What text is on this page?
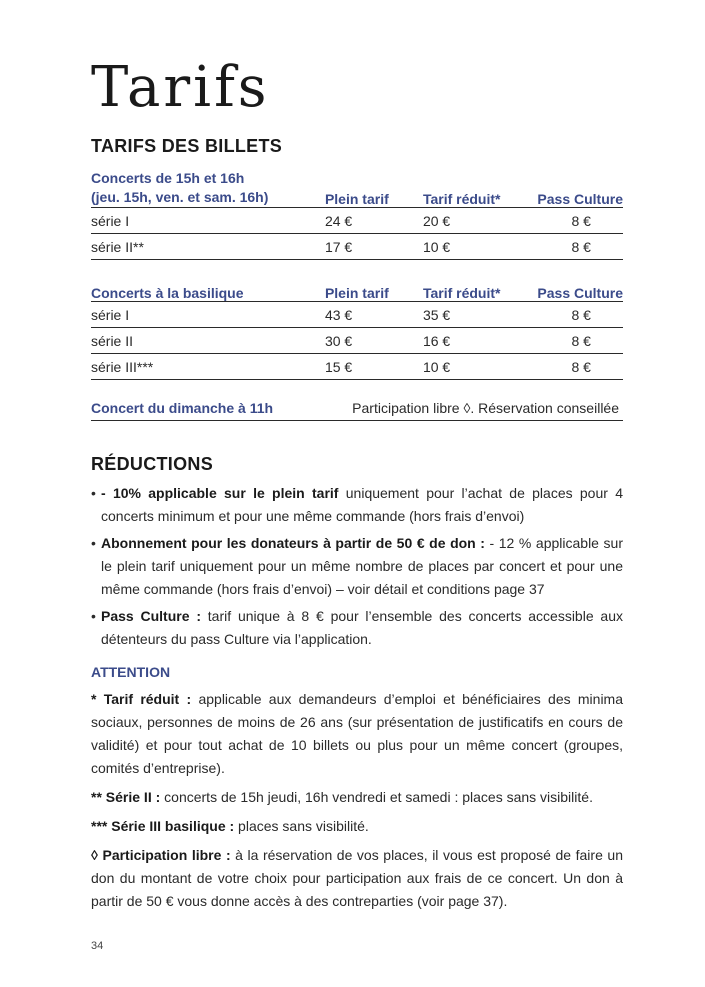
Tarifs
TARIFS DES BILLETS
Concerts de 15h et 16h
(jeu. 15h, ven. et sam. 16h)	Plein tarif	Tarif réduit*	Pass Culture
série I	24 €	20 €	8 €
série II**	17 €	10 €	8 €
Concerts à la basilique	Plein tarif	Tarif réduit*	Pass Culture
série I	43 €	35 €	8 €
série II	30 €	16 €	8 €
série III***	15 €	10 €	8 €
Concert du dimanche à 11h	Participation libre ◊. Réservation conseillée
RÉDUCTIONS
• - 10% applicable sur le plein tarif uniquement pour l’achat de places pour 4 concerts minimum et pour une même commande (hors frais d’envoi)
• Abonnement pour les donateurs à partir de 50 € de don : - 12 % applicable sur le plein tarif uniquement pour un même nombre de places par concert et pour une même commande (hors frais d’envoi) – voir détail et conditions page 37
• Pass Culture : tarif unique à 8 € pour l’ensemble des concerts accessible aux détenteurs du pass Culture via l’application.
ATTENTION

* Tarif réduit : applicable aux demandeurs d’emploi et bénéficiaires des minima sociaux, personnes de moins de 26 ans (sur présentation de justificatifs en cours de validité) et pour tout achat de 10 billets ou plus pour un même concert (groupes, comités d’entreprise).

** Série II : concerts de 15h jeudi, 16h vendredi et samedi : places sans visibilité.

*** Série III basilique : places sans visibilité.

◊ Participation libre : à la réservation de vos places, il vous est proposé de faire un don du montant de votre choix pour participation aux frais de ce concert. Un don à partir de 50 € vous donne accès à des contreparties (voir page 37).

34
